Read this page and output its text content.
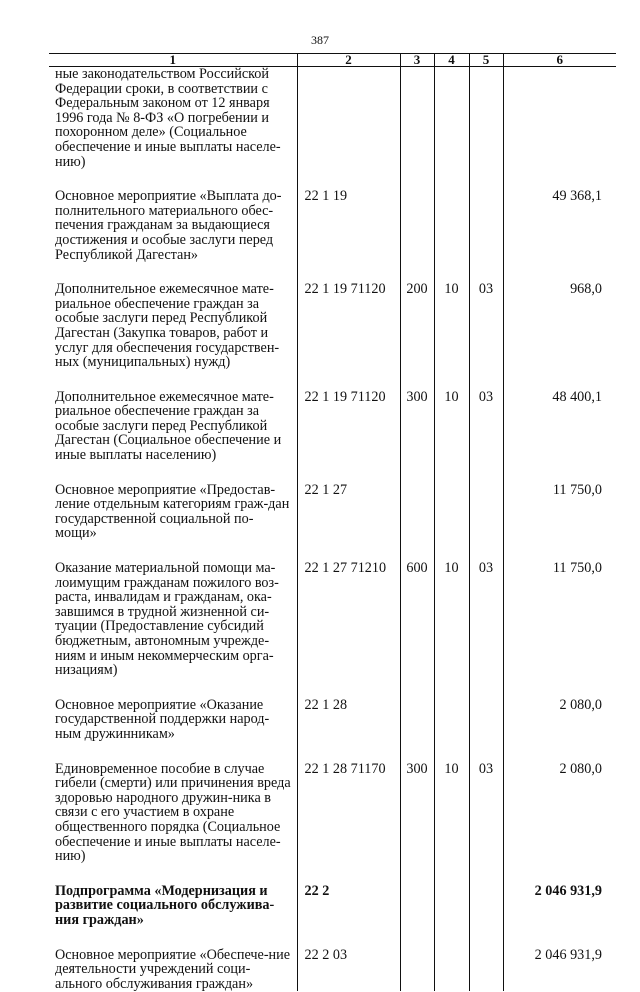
387
1	2	3	4	5	6
ные законодательством Российской Федерации сроки, в соответствии с Федеральным законом от 12 января 1996 года № 8-ФЗ «О погребении и похоронном деле» (Социальное обеспечение и иные выплаты населе-нию)					

Основное мероприятие «Выплата до-полнительного материального обес-печения гражданам за выдающиеся достижения и особые заслуги перед Республикой Дагестан»	22 1 19				49 368,1

Дополнительное ежемесячное мате-риальное обеспечение граждан за особые заслуги перед Республикой Дагестан (Закупка товаров, работ и услуг для обеспечения государствен-ных (муниципальных) нужд)	22 1 19 71120	200	10	03	968,0

Дополнительное ежемесячное мате-риальное обеспечение граждан за особые заслуги перед Республикой Дагестан (Социальное обеспечение и иные выплаты населению)	22 1 19 71120	300	10	03	48 400,1

Основное мероприятие «Предостав-ление отдельным категориям граж-дан государственной социальной по-мощи»	22 1 27				11 750,0

Оказание материальной помощи ма-лоимущим гражданам пожилого воз-раста, инвалидам и гражданам, ока-завшимся в трудной жизненной си-туации (Предоставление субсидий бюджетным, автономным учрежде-ниям и иным некоммерческим орга-низациям)	22 1 27 71210	600	10	03	11 750,0

Основное мероприятие «Оказание государственной поддержки народ-ным дружинникам»	22 1 28				2 080,0

Единовременное пособие в случае гибели (смерти) или причинения вреда здоровью народного дружин-ника в связи с его участием в охране общественного порядка (Социальное обеспечение и иные выплаты населе-нию)	22 1 28 71170	300	10	03	2 080,0

Подпрограмма «Модернизация и развитие социального обслужива-ния граждан»	22 2				2 046 931,9

Основное мероприятие «Обеспече-ние деятельности учреждений соци-ального обслуживания граждан»	22 2 03				2 046 931,9
